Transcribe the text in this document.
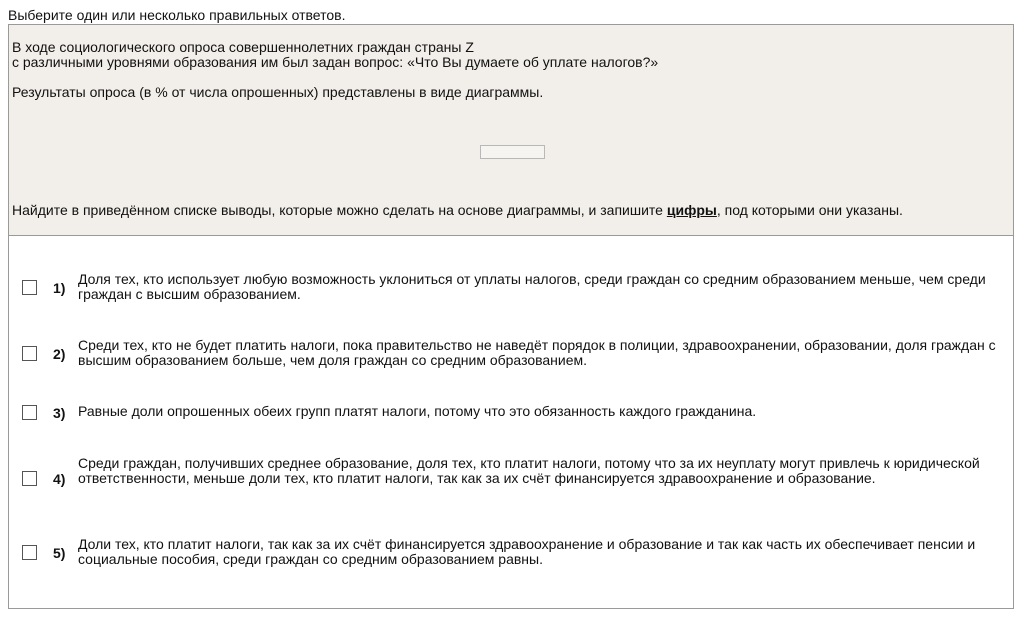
Выберите один или несколько правильных ответов.
В ходе социологического опроса совершеннолетних граждан страны Z
с различными уровнями образования им был задан вопрос: «Что Вы думаете об уплате налогов?»
Результаты опроса (в % от числа опрошенных) представлены в виде диаграммы.
Найдите в приведённом списке выводы, которые можно сделать на основе диаграммы, и запишите цифры, под которыми они указаны.
1)
Доля тех, кто использует любую возможность уклониться от уплаты налогов, среди граждан со средним образованием меньше, чем среди граждан с высшим образованием.
2)
Среди тех, кто не будет платить налоги, пока правительство не наведёт порядок в полиции, здравоохранении, образовании, доля граждан с высшим образованием больше, чем доля граждан со средним образованием.
3) Равные доли опрошенных обеих групп платят налоги, потому что это обязанность каждого гражданина.
4)
Среди граждан, получивших среднее образование, доля тех, кто платит налоги, потому что за их неуплату могут привлечь к юридической ответственности, меньше доли тех, кто платит налоги, так как за их счёт финансируется здравоохранение и образование.
5)
Доли тех, кто платит налоги, так как за их счёт финансируется здравоохранение и образование и так как часть их обеспечивает пенсии и социальные пособия, среди граждан со средним образованием равны.
